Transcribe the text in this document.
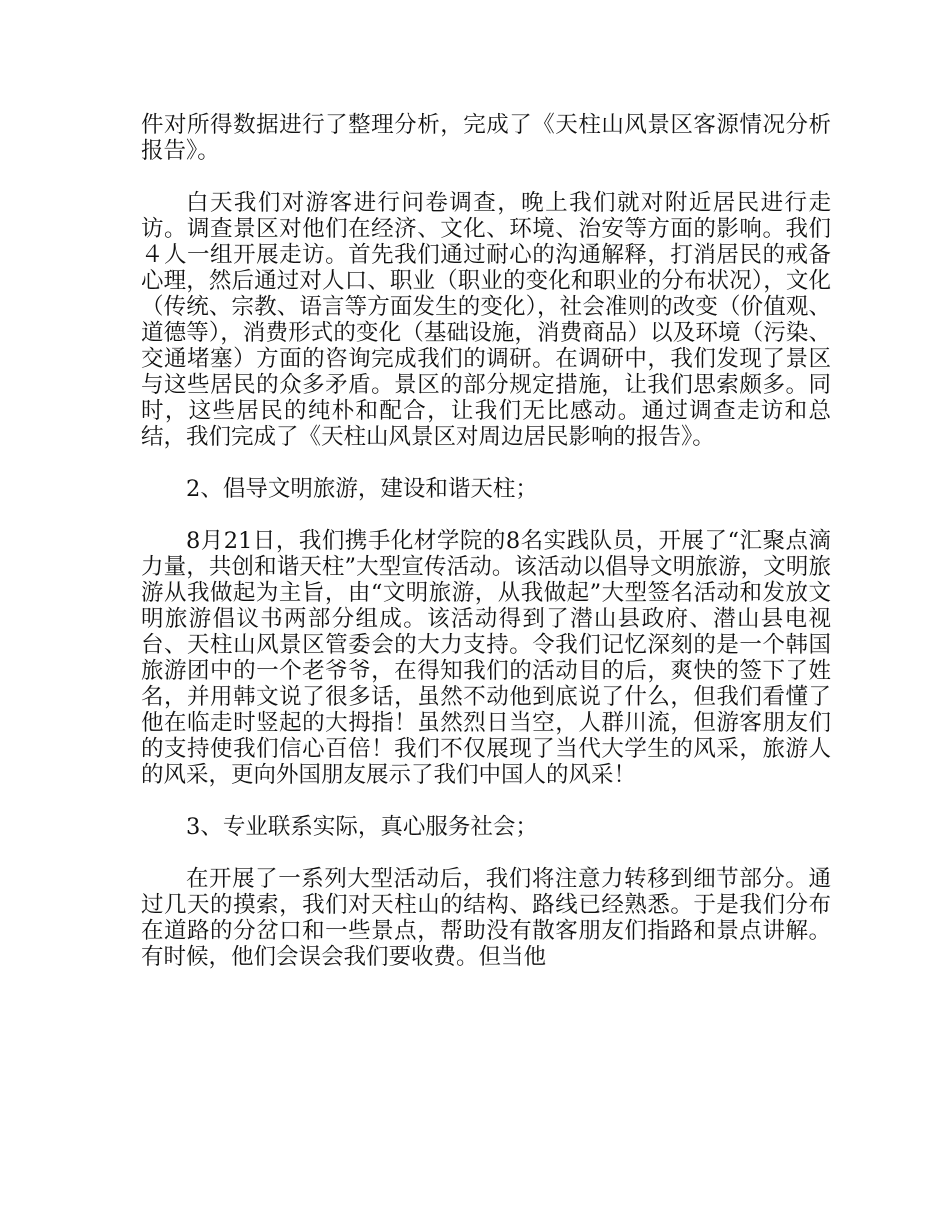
件对所得数据进行了整理分析，完成了《天柱山风景区客源情况分析报告》。

白天我们对游客进行问卷调查，晚上我们就对附近居民进行走访。调查景区对他们在经济、文化、环境、治安等方面的影响。我们４人一组开展走访。首先我们通过耐心的沟通解释，打消居民的戒备心理，然后通过对人口、职业（职业的变化和职业的分布状况），文化（传统、宗教、语言等方面发生的变化），社会准则的改变（价值观、道德等），消费形式的变化（基础设施，消费商品）以及环境（污染、交通堵塞）方面的咨询完成我们的调研。在调研中，我们发现了景区与这些居民的众多矛盾。景区的部分规定措施，让我们思索颇多。同时，这些居民的纯朴和配合，让我们无比感动。通过调查走访和总结，我们完成了《天柱山风景区对周边居民影响的报告》。

2、倡导文明旅游，建设和谐天柱；

8月21日，我们携手化材学院的8名实践队员，开展了“汇聚点滴力量，共创和谐天柱”大型宣传活动。该活动以倡导文明旅游，文明旅游从我做起为主旨，由“文明旅游，从我做起”大型签名活动和发放文明旅游倡议书两部分组成。该活动得到了潜山县政府、潜山县电视台、天柱山风景区管委会的大力支持。令我们记忆深刻的是一个韩国旅游团中的一个老爷爷，在得知我们的活动目的后，爽快的签下了姓名，并用韩文说了很多话，虽然不动他到底说了什么，但我们看懂了他在临走时竖起的大拇指！虽然烈日当空，人群川流，但游客朋友们的支持使我们信心百倍！我们不仅展现了当代大学生的风采，旅游人的风采，更向外国朋友展示了我们中国人的风采！

3、专业联系实际，真心服务社会；

在开展了一系列大型活动后，我们将注意力转移到细节部分。通过几天的摸索，我们对天柱山的结构、路线已经熟悉。于是我们分布在道路的分岔口和一些景点，帮助没有散客朋友们指路和景点讲解。有时候，他们会误会我们要收费。但当他
